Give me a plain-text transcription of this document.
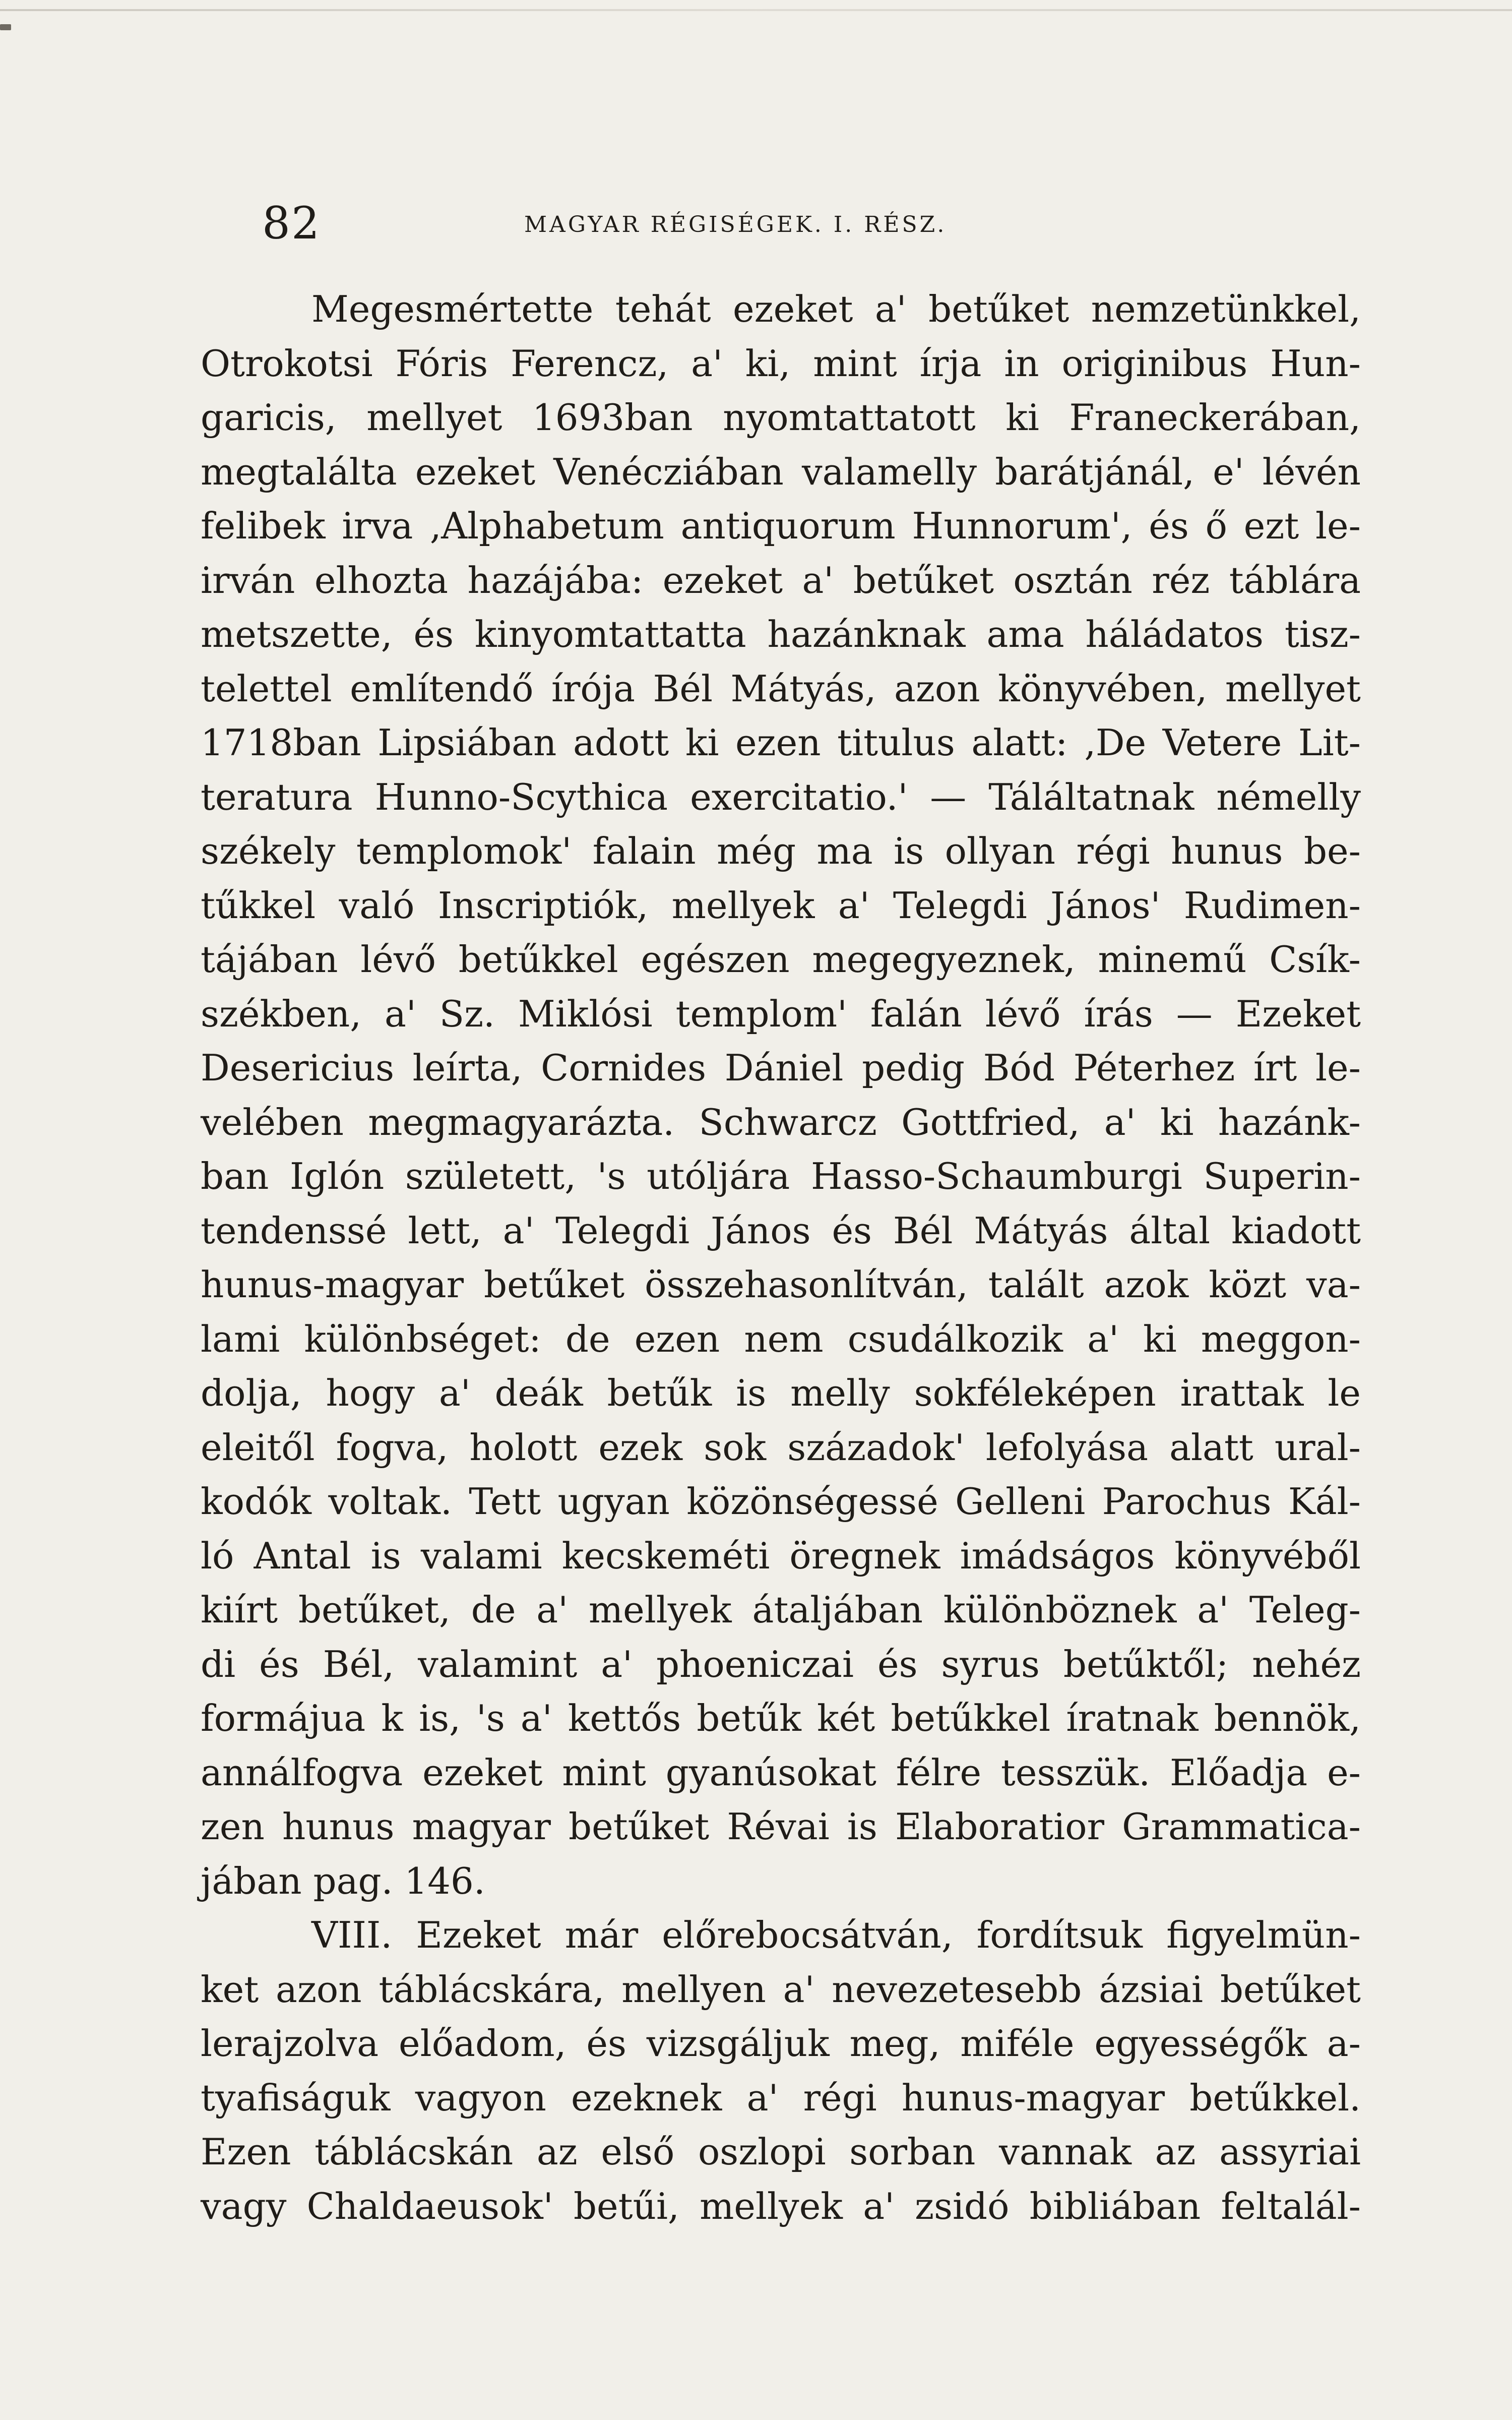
82	MAGYAR RÉGISÉGEK. I. RÉSZ.
Megesmértette tehát ezeket a' betűket nemzetünkkel,
Otrokotsi Fóris Ferencz, a' ki, mint írja in originibus Hun-
garicis, mellyet 1693ban nyomtattatott ki Franeckerában,
megtalálta ezeket Venécziában valamelly barátjánál, e' lévén
felibek irva ‚Alphabetum antiquorum Hunnorum', és ő ezt le-
irván elhozta hazájába: ezeket a' betűket osztán réz táblára
metszette, és kinyomtattatta hazánknak ama háládatos tisz-
telettel említendő írója Bél Mátyás, azon könyvében, mellyet
1718ban Lipsiában adott ki ezen titulus alatt: ‚De Vetere Lit-
teratura Hunno-Scythica exercitatio.' — Táláltatnak némelly
székely templomok' falain még ma is ollyan régi hunus be-
tűkkel való Inscriptiók, mellyek a' Telegdi János' Rudimen-
tájában lévő betűkkel egészen megegyeznek, minemű Csík-
székben, a' Sz. Miklósi templom' falán lévő írás — Ezeket
Desericius leírta, Cornides Dániel pedig Bód Péterhez írt le-
velében megmagyarázta. Schwarcz Gottfried, a' ki hazánk-
ban Iglón született, 's utóljára Hasso-Schaumburgi Superin-
tendenssé lett, a' Telegdi János és Bél Mátyás által kiadott
hunus-magyar betűket összehasonlítván, talált azok közt va-
lami különbséget: de ezen nem csudálkozik a' ki meggon-
dolja, hogy a' deák betűk is melly sokféleképen irattak le
eleitől fogva, holott ezek sok századok' lefolyása alatt ural-
kodók voltak. Tett ugyan közönségessé Gelleni Parochus Kál-
ló Antal is valami kecskeméti öregnek imádságos könyvéből
kiírt betűket, de a' mellyek átaljában különböznek a' Teleg-
di és Bél, valamint a' phoeniczai és syrus betűktől; nehéz
formájua k is, 's a' kettős betűk két betűkkel íratnak bennök,
annálfogva ezeket mint gyanúsokat félre tesszük. Előadja e-
zen hunus magyar betűket Révai is Elaboratior Grammatica-
jában pag. 146.
VIII. Ezeket már előrebocsátván, fordítsuk figyelmün-
ket azon táblácskára, mellyen a' nevezetesebb ázsiai betűket
lerajzolva előadom, és vizsgáljuk meg, miféle egyességők a-
tyafiságuk vagyon ezeknek a' régi hunus-magyar betűkkel.
Ezen táblácskán az első oszlopi sorban vannak az assyriai
vagy Chaldaeusok' betűi, mellyek a' zsidó bibliában feltalál-
